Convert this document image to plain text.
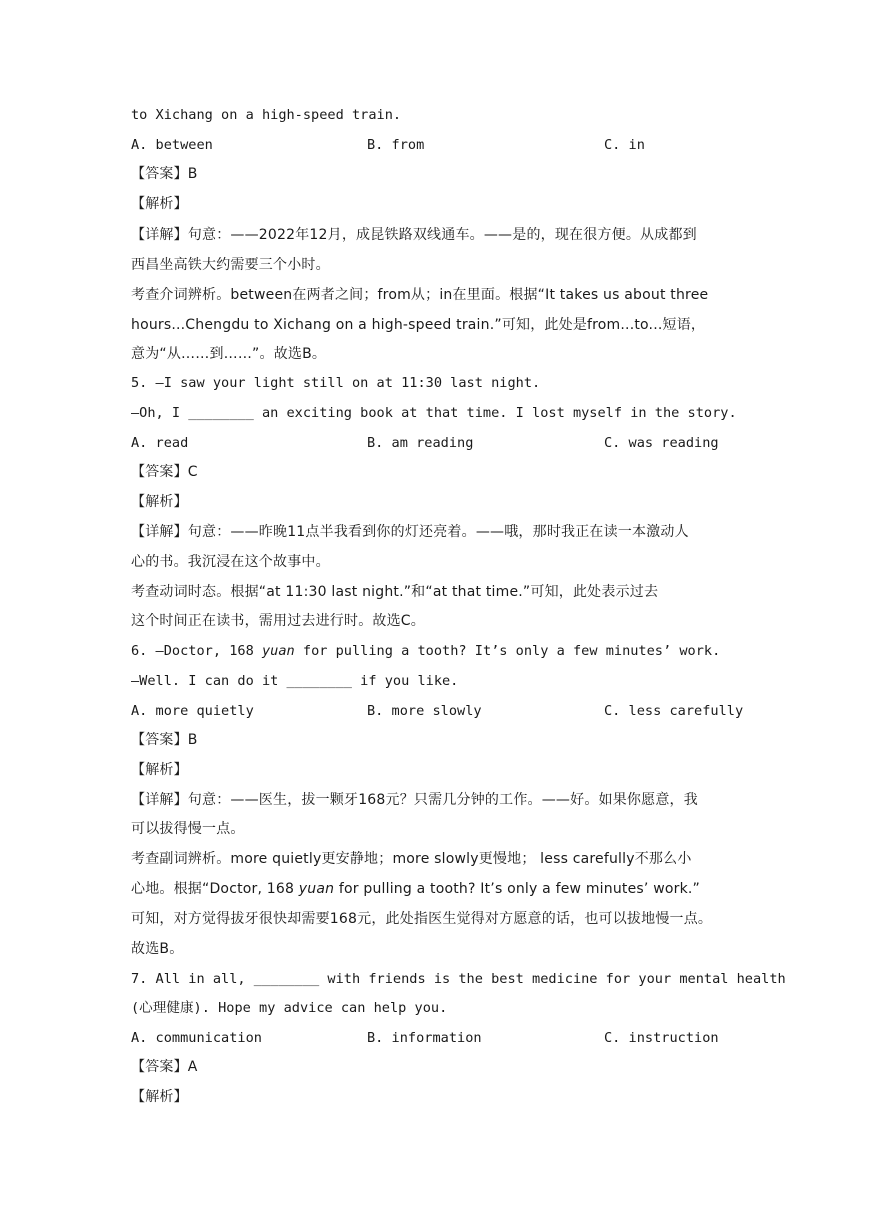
to Xichang on a high-speed train.
A. between	B. from	C. in
【答案】B
【解析】
【详解】句意：——2022年12月，成昆铁路双线通车。——是的，现在很方便。从成都到
西昌坐高铁大约需要三个小时。
考查介词辨析。between在两者之间；from从；in在里面。根据“It takes us about three
hours...Chengdu to Xichang on a high-speed train.”可知，此处是from...to...短语，
意为“从……到……”。故选B。
5. —I saw your light still on at 11:30 last night.
—Oh, I ________ an exciting book at that time. I lost myself in the story.
A. read	B. am reading	C. was reading
【答案】C
【解析】
【详解】句意：——昨晚11点半我看到你的灯还亮着。——哦，那时我正在读一本激动人
心的书。我沉浸在这个故事中。
考查动词时态。根据“at 11:30 last night.”和“at that time.”可知，此处表示过去
这个时间正在读书，需用过去进行时。故选C。
6. —Doctor, 168 yuan for pulling a tooth? It’s only a few minutes’ work.
—Well. I can do it ________ if you like.
A. more quietly	B. more slowly	C. less carefully
【答案】B
【解析】
【详解】句意：——医生，拔一颗牙168元？只需几分钟的工作。——好。如果你愿意，我
可以拔得慢一点。
考查副词辨析。more quietly更安静地；more slowly更慢地； less carefully不那么小
心地。根据“Doctor, 168 yuan for pulling a tooth? It’s only a few minutes’ work.”
可知，对方觉得拔牙很快却需要168元，此处指医生觉得对方愿意的话，也可以拔地慢一点。
故选B。
7. All in all, ________ with friends is the best medicine for your mental health
(心理健康). Hope my advice can help you.
A. communication	B. information	C. instruction
【答案】A
【解析】
